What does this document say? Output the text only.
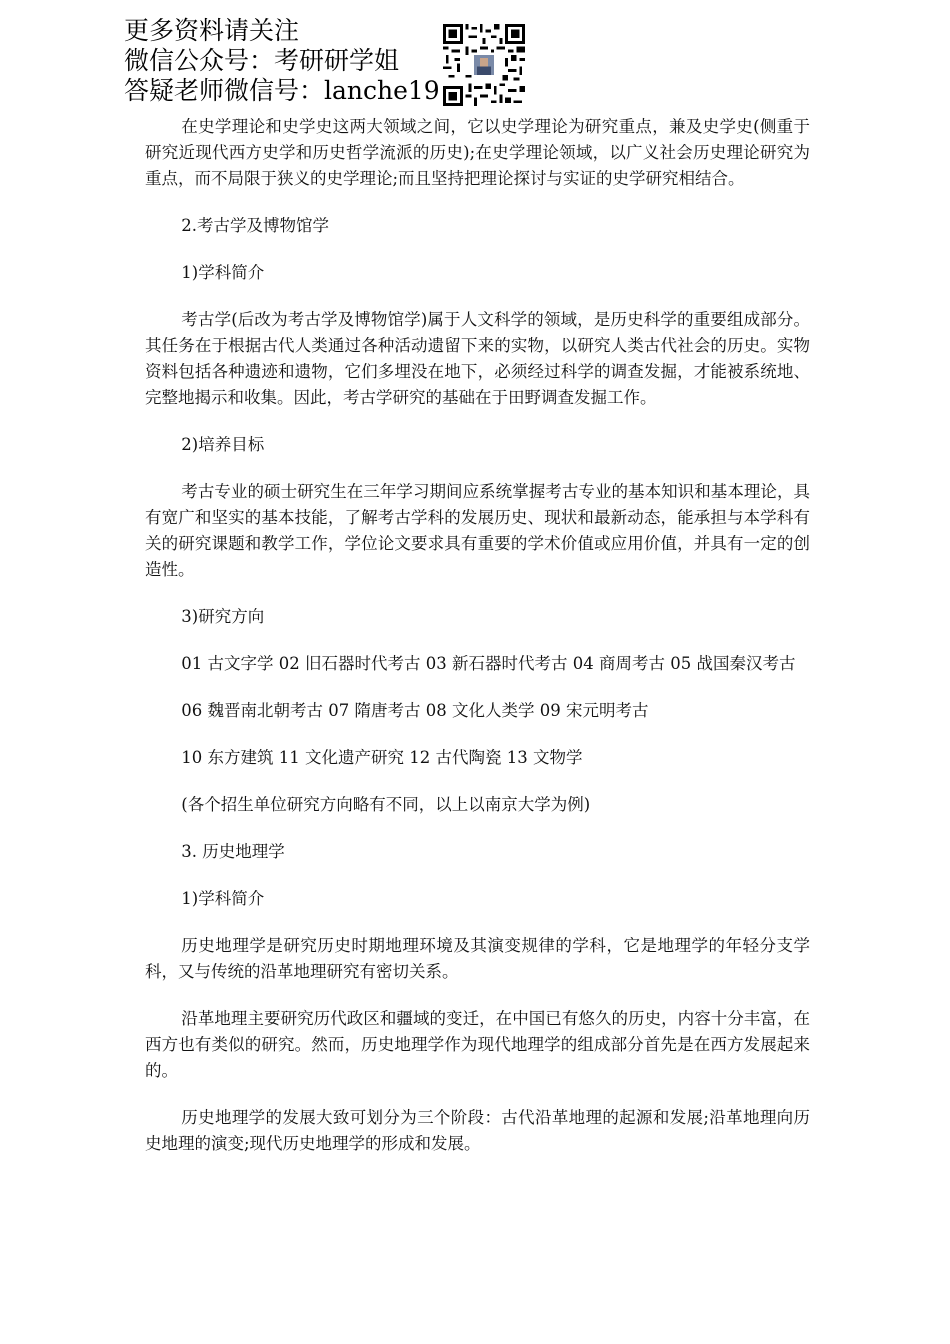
更多资料请关注
微信公众号：考研研学姐
答疑老师微信号：lanche19

在史学理论和史学史这两大领域之间，它以史学理论为研究重点，兼及史学史(侧重于研究近现代西方史学和历史哲学流派的历史);在史学理论领域，以广义社会历史理论研究为重点，而不局限于狭义的史学理论;而且坚持把理论探讨与实证的史学研究相结合。

2.考古学及博物馆学

1)学科简介

考古学(后改为考古学及博物馆学)属于人文科学的领域，是历史科学的重要组成部分。其任务在于根据古代人类通过各种活动遗留下来的实物，以研究人类古代社会的历史。实物资料包括各种遗迹和遗物，它们多埋没在地下，必须经过科学的调查发掘，才能被系统地、完整地揭示和收集。因此，考古学研究的基础在于田野调查发掘工作。

2)培养目标

考古专业的硕士研究生在三年学习期间应系统掌握考古专业的基本知识和基本理论，具有宽广和坚实的基本技能，了解考古学科的发展历史、现状和最新动态，能承担与本学科有关的研究课题和教学工作，学位论文要求具有重要的学术价值或应用价值，并具有一定的创造性。

3)研究方向

01 古文字学 02 旧石器时代考古 03 新石器时代考古 04 商周考古 05 战国秦汉考古

06 魏晋南北朝考古 07 隋唐考古 08 文化人类学 09 宋元明考古

10 东方建筑 11 文化遗产研究 12 古代陶瓷 13 文物学

(各个招生单位研究方向略有不同，以上以南京大学为例)

3. 历史地理学

1)学科简介

历史地理学是研究历史时期地理环境及其演变规律的学科，它是地理学的年轻分支学科，又与传统的沿革地理研究有密切关系。

沿革地理主要研究历代政区和疆域的变迁，在中国已有悠久的历史，内容十分丰富，在西方也有类似的研究。然而，历史地理学作为现代地理学的组成部分首先是在西方发展起来的。

历史地理学的发展大致可划分为三个阶段：古代沿革地理的起源和发展;沿革地理向历史地理的演变;现代历史地理学的形成和发展。
